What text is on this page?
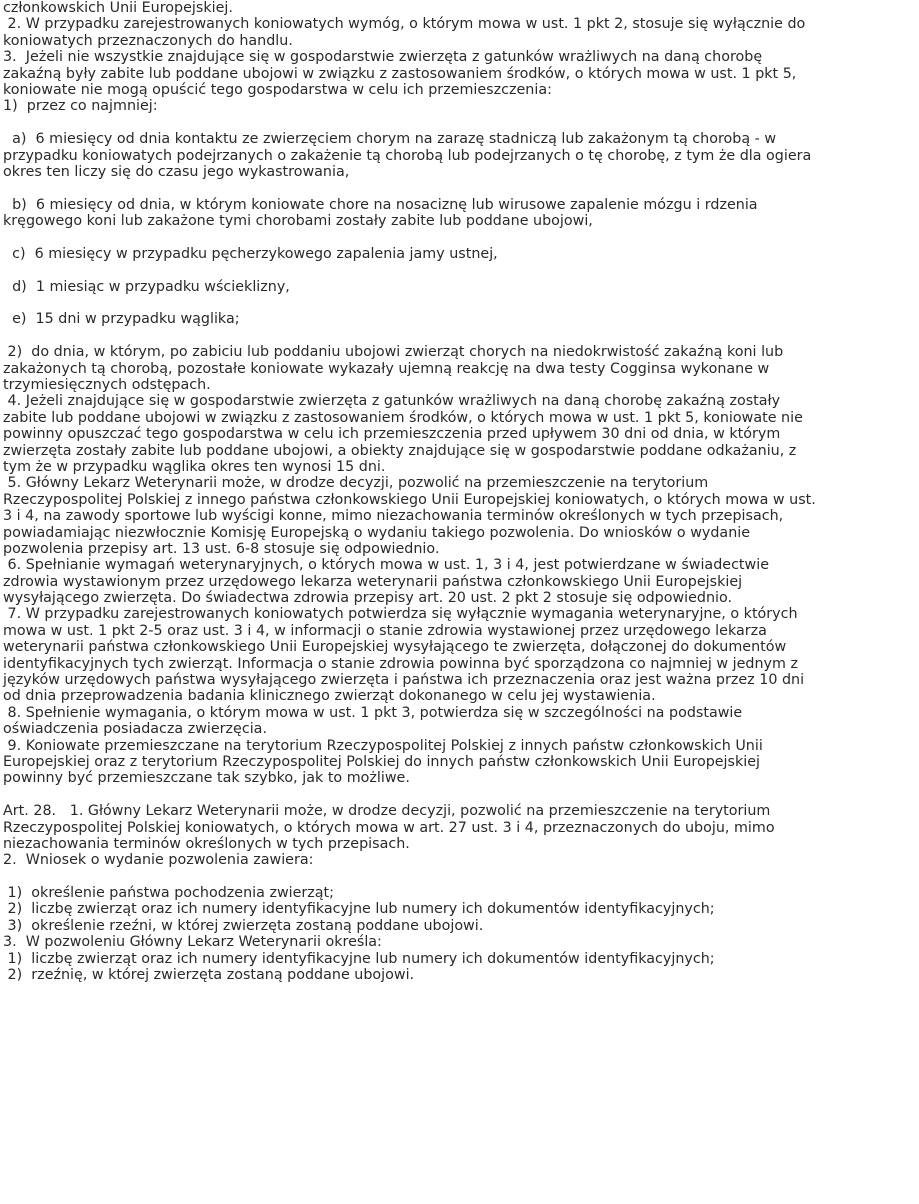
członkowskich Unii Europejskiej.
2. W przypadku zarejestrowanych koniowatych wymóg, o którym mowa w ust. 1 pkt 2, stosuje się wyłącznie do
koniowatych przeznaczonych do handlu.
3.  Jeżeli nie wszystkie znajdujące się w gospodarstwie zwierzęta z gatunków wrażliwych na daną chorobę
zakaźną były zabite lub poddane ubojowi w związku z zastosowaniem środków, o których mowa w ust. 1 pkt 5,
koniowate nie mogą opuścić tego gospodarstwa w celu ich przemieszczenia:
1)  przez co najmniej:
a)  6 miesięcy od dnia kontaktu ze zwierzęciem chorym na zarazę stadniczą lub zakażonym tą chorobą - w
przypadku koniowatych podejrzanych o zakażenie tą chorobą lub podejrzanych o tę chorobę, z tym że dla ogiera
okres ten liczy się do czasu jego wykastrowania,
b)  6 miesięcy od dnia, w którym koniowate chore na nosaciznę lub wirusowe zapalenie mózgu i rdzenia
kręgowego koni lub zakażone tymi chorobami zostały zabite lub poddane ubojowi,
c)  6 miesięcy w przypadku pęcherzykowego zapalenia jamy ustnej,
d)  1 miesiąc w przypadku wścieklizny,
e)  15 dni w przypadku wąglika;
2)  do dnia, w którym, po zabiciu lub poddaniu ubojowi zwierząt chorych na niedokrwistość zakaźną koni lub
zakażonych tą chorobą, pozostałe koniowate wykazały ujemną reakcję na dwa testy Cogginsa wykonane w
trzymiesięcznych odstępach.
4. Jeżeli znajdujące się w gospodarstwie zwierzęta z gatunków wrażliwych na daną chorobę zakaźną zostały
zabite lub poddane ubojowi w związku z zastosowaniem środków, o których mowa w ust. 1 pkt 5, koniowate nie
powinny opuszczać tego gospodarstwa w celu ich przemieszczenia przed upływem 30 dni od dnia, w którym
zwierzęta zostały zabite lub poddane ubojowi, a obiekty znajdujące się w gospodarstwie poddane odkażaniu, z
tym że w przypadku wąglika okres ten wynosi 15 dni.
5. Główny Lekarz Weterynarii może, w drodze decyzji, pozwolić na przemieszczenie na terytorium
Rzeczypospolitej Polskiej z innego państwa członkowskiego Unii Europejskiej koniowatych, o których mowa w ust.
3 i 4, na zawody sportowe lub wyścigi konne, mimo niezachowania terminów określonych w tych przepisach,
powiadamiając niezwłocznie Komisję Europejską o wydaniu takiego pozwolenia. Do wniosków o wydanie
pozwolenia przepisy art. 13 ust. 6-8 stosuje się odpowiednio.
6. Spełnianie wymagań weterynaryjnych, o których mowa w ust. 1, 3 i 4, jest potwierdzane w świadectwie
zdrowia wystawionym przez urzędowego lekarza weterynarii państwa członkowskiego Unii Europejskiej
wysyłającego zwierzęta. Do świadectwa zdrowia przepisy art. 20 ust. 2 pkt 2 stosuje się odpowiednio.
7. W przypadku zarejestrowanych koniowatych potwierdza się wyłącznie wymagania weterynaryjne, o których
mowa w ust. 1 pkt 2-5 oraz ust. 3 i 4, w informacji o stanie zdrowia wystawionej przez urzędowego lekarza
weterynarii państwa członkowskiego Unii Europejskiej wysyłającego te zwierzęta, dołączonej do dokumentów
identyfikacyjnych tych zwierząt. Informacja o stanie zdrowia powinna być sporządzona co najmniej w jednym z
języków urzędowych państwa wysyłającego zwierzęta i państwa ich przeznaczenia oraz jest ważna przez 10 dni
od dnia przeprowadzenia badania klinicznego zwierząt dokonanego w celu jej wystawienia.
8. Spełnienie wymagania, o którym mowa w ust. 1 pkt 3, potwierdza się w szczególności na podstawie
oświadczenia posiadacza zwierzęcia.
9. Koniowate przemieszczane na terytorium Rzeczypospolitej Polskiej z innych państw członkowskich Unii
Europejskiej oraz z terytorium Rzeczypospolitej Polskiej do innych państw członkowskich Unii Europejskiej
powinny być przemieszczane tak szybko, jak to możliwe.
Art. 28.   1. Główny Lekarz Weterynarii może, w drodze decyzji, pozwolić na przemieszczenie na terytorium
Rzeczypospolitej Polskiej koniowatych, o których mowa w art. 27 ust. 3 i 4, przeznaczonych do uboju, mimo
niezachowania terminów określonych w tych przepisach.
2.  Wniosek o wydanie pozwolenia zawiera:
1)  określenie państwa pochodzenia zwierząt;
2)  liczbę zwierząt oraz ich numery identyfikacyjne lub numery ich dokumentów identyfikacyjnych;
3)  określenie rzeźni, w której zwierzęta zostaną poddane ubojowi.
3.  W pozwoleniu Główny Lekarz Weterynarii określa:
1)  liczbę zwierząt oraz ich numery identyfikacyjne lub numery ich dokumentów identyfikacyjnych;
2)  rzeźnię, w której zwierzęta zostaną poddane ubojowi.
